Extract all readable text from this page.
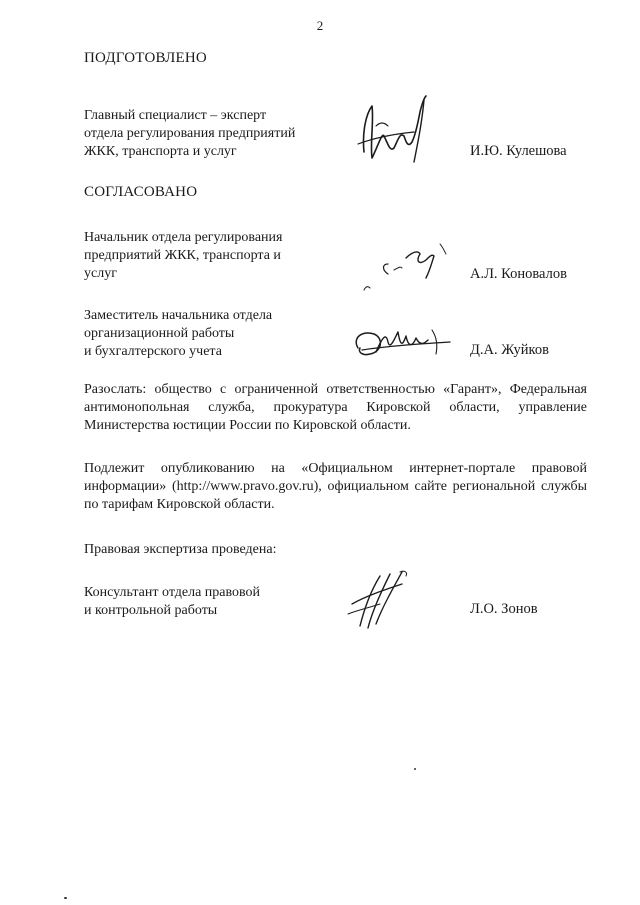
2
ПОДГОТОВЛЕНО
Главный специалист – эксперт
отдела регулирования предприятий
ЖКК, транспорта и услуг	И.Ю. Кулешова
СОГЛАСОВАНО
Начальник отдела регулирования
предприятий ЖКК, транспорта и
услуг	А.Л. Коновалов
Заместитель начальника отдела
организационной работы
и бухгалтерского учета	Д.А. Жуйков
Разослать: общество с ограниченной ответственностью «Гарант», Федеральная антимонопольная служба, прокуратура Кировской области, управление Министерства юстиции России по Кировской области.
Подлежит опубликованию на «Официальном интернет-портале правовой информации» (http://www.pravo.gov.ru), официальном сайте региональной службы по тарифам Кировской области.
Правовая экспертиза проведена:
Консультант отдела правовой
и контрольной работы	Л.О. Зонов
